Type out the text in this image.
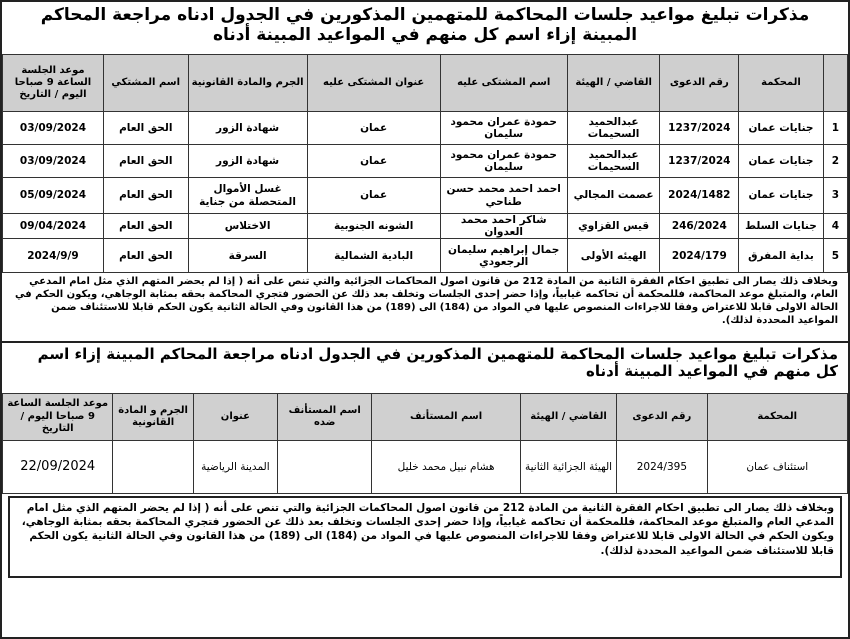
مذكرات تبليغ مواعيد جلسات المحاكمة للمتهمين المذكورين في الجدول ادناه مراجعة المحاكم المبينة إزاء اسم كل منهم في المواعيد المبينة أدناه
	المحكمة	رقم الدعوى	القاضي / الهيئة	اسم المشتكى عليه	عنوان المشتكى عليه	الجرم والمادة القانونية	اسم المشتكي	موعد الجلسة الساعة 9 صباحا اليوم / التاريخ
1	جنايات عمان	1237/2024	عبدالحميد السحيمات	حمودة عمران محمود سليمان	عمان	شهادة الزور	الحق العام	03/09/2024
2	جنايات عمان	1237/2024	عبدالحميد السحيمات	حمودة عمران محمود سليمان	عمان	شهادة الزور	الحق العام	03/09/2024
3	جنايات عمان	2024/1482	عصمت المجالي	احمد احمد محمد حسن طناحي	عمان	غسل الأموال المتحصلة من جناية	الحق العام	05/09/2024
4	جنايات السلط	246/2024	قيس القزاوي	شاكر احمد محمد العدوان	الشونه الجنوبية	الاختلاس	الحق العام	09/04/2024
5	بداية المفرق	2024/179	الهيئه الأولى	جمال إبراهيم سليمان الرجعودي	البادية الشمالية	السرقة	الحق العام	2024/9/9
وبخلاف ذلك يصار الى تطبيق احكام الفقرة الثانية من المادة 212 من قانون اصول المحاكمات الجزائية والتي تنص على أنه ( إذا لم يحضر المتهم الذي مثل امام المدعي العام، والمتبلغ موعد المحاكمة، فللمحكمة أن تحاكمه غيابياً، وإذا حضر إحدى الجلسات وتخلف بعد ذلك عن الحضور فتجري المحاكمة بحقه بمثابة الوجاهي، ويكون الحكم في الحالة الاولى قابلا للاعتراض وفقا للاجراءات المنصوص عليها في المواد من (184) الى (189) من هذا القانون وفي الحالة الثانية يكون الحكم قابلا للاستئناف ضمن المواعيد المحددة لذلك).
مذكرات تبليغ مواعيد جلسات المحاكمة للمتهمين المذكورين في الجدول ادناه مراجعة المحاكم المبينة إزاء اسم كل منهم في المواعيد المبينة أدناه
المحكمة	رقم الدعوى	القاضي / الهيئة	اسم المستأنف	اسم المستأنف ضده	عنوان	الجرم و المادة القانونية	موعد الجلسة الساعة 9 صباحا اليوم / التاريخ
استئناف عمان	2024/395	الهيئة الجزائية الثانية	هشام نبيل محمد خليل		المدينة الرياضية		22/09/2024
وبخلاف ذلك يصار الى تطبيق احكام الفقرة الثانية من المادة 212 من قانون اصول المحاكمات الجزائية والتي تنص على أنه ( إذا لم يحضر المتهم الذي مثل امام المدعي العام والمتبلغ موعد المحاكمة، فللمحكمة أن تحاكمه غيابياً، وإذا حضر إحدى الجلسات وتخلف بعد ذلك عن الحضور فتجري المحاكمة بحقه بمثابة الوجاهي، ويكون الحكم في الحالة الاولى قابلا للاعتراض وفقا للاجراءات المنصوص عليها في المواد من (184) الى (189) من هذا القانون وفي الحالة الثانية يكون الحكم قابلا للاستئناف ضمن المواعيد المحددة لذلك).
